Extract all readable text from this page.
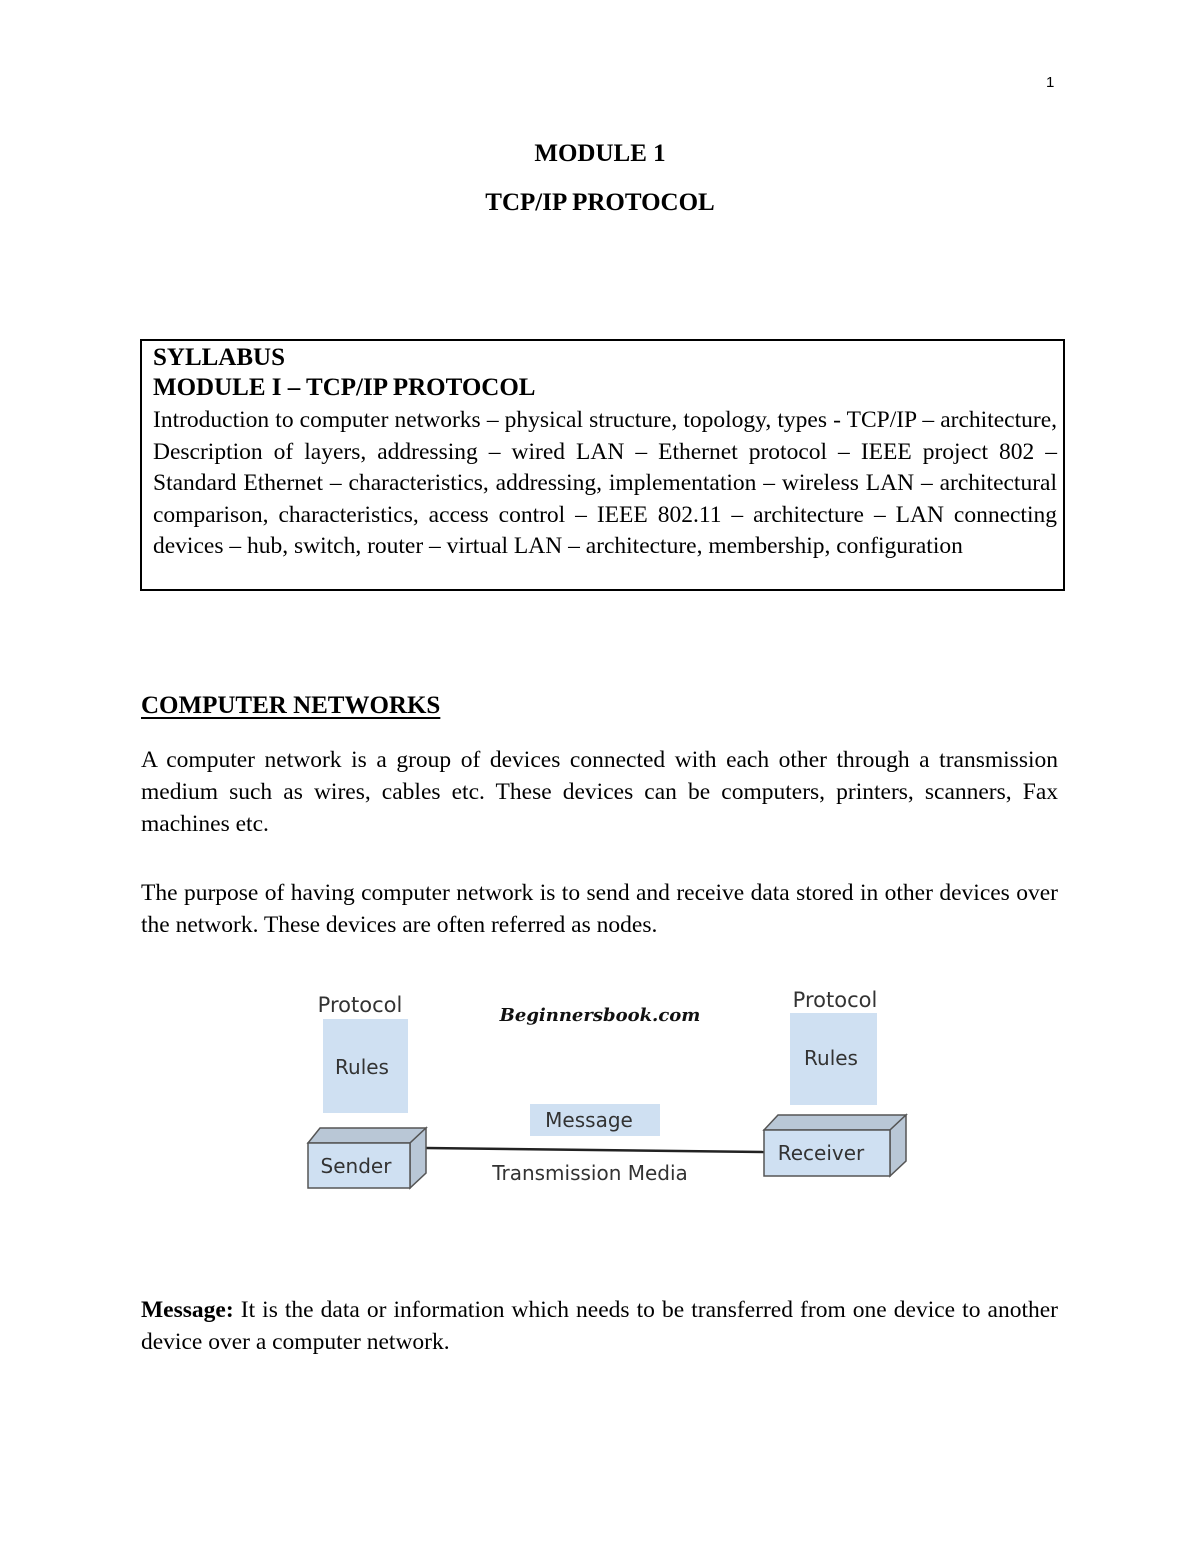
1
MODULE 1
TCP/IP PROTOCOL
SYLLABUS
MODULE I – TCP/IP PROTOCOL
Introduction to computer networks – physical structure, topology, types - TCP/IP – architecture, Description of layers, addressing – wired LAN – Ethernet protocol – IEEE project 802 – Standard Ethernet – characteristics, addressing, implementation – wireless LAN – architectural comparison, characteristics, access control – IEEE 802.11 – architecture – LAN connecting devices – hub, switch, router – virtual LAN – architecture, membership, configuration
COMPUTER NETWORKS
A computer network is a group of devices connected with each other through a transmission medium such as wires, cables etc. These devices can be computers, printers, scanners, Fax machines etc.
The purpose of having computer network is to send and receive data stored in other devices over the network. These devices are often referred as nodes.
Protocol
Rules
Beginnersbook.com
Protocol
Rules
Message
Transmission Media
Sender
Receiver
Message: It is the data or information which needs to be transferred from one device to another device over a computer network.
